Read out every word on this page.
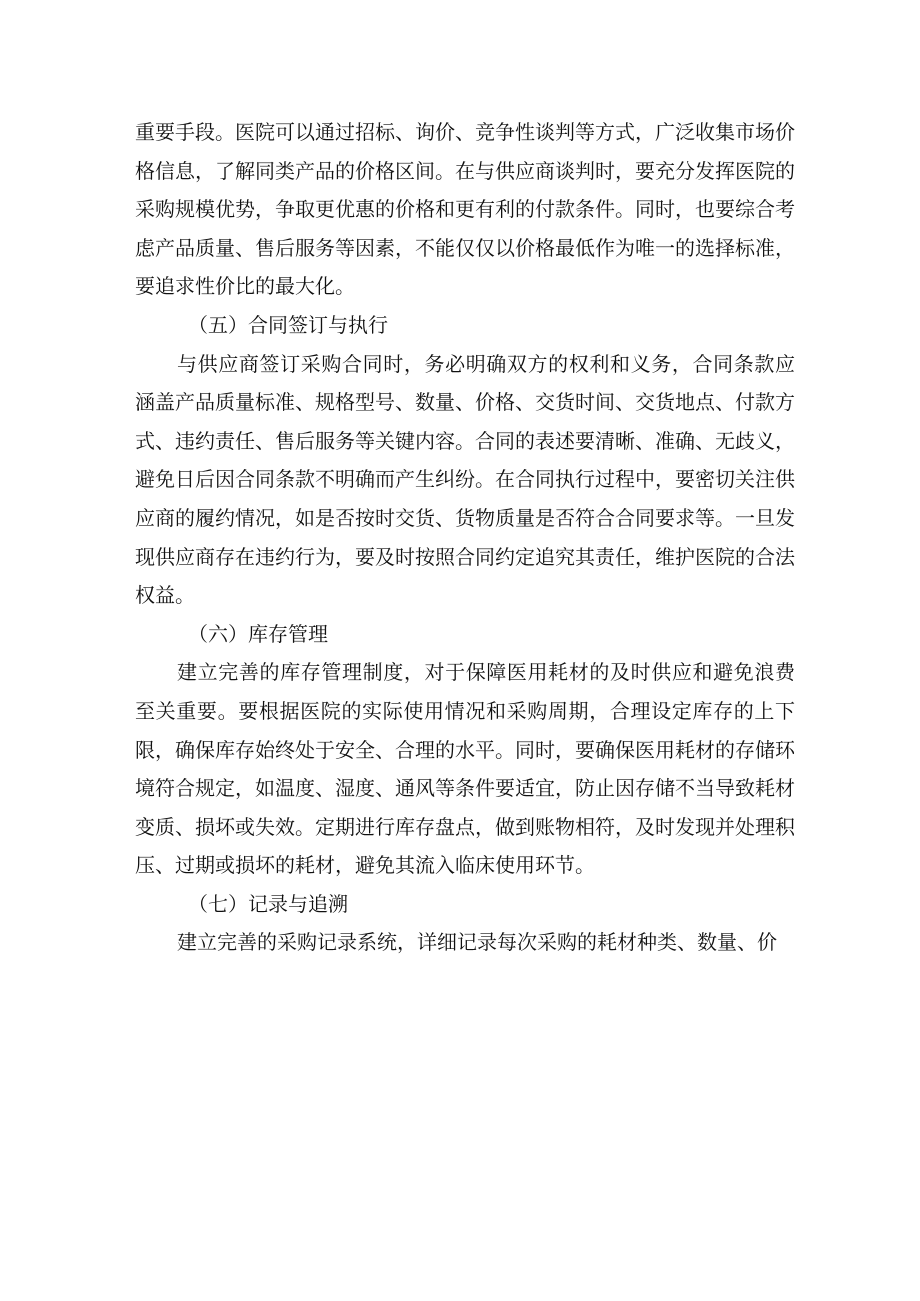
重要手段。医院可以通过招标、询价、竞争性谈判等方式，广泛收集市场价格信息，了解同类产品的价格区间。在与供应商谈判时，要充分发挥医院的采购规模优势，争取更优惠的价格和更有利的付款条件。同时，也要综合考虑产品质量、售后服务等因素，不能仅仅以价格最低作为唯一的选择标准，要追求性价比的最大化。

（五）合同签订与执行

与供应商签订采购合同时，务必明确双方的权利和义务，合同条款应涵盖产品质量标准、规格型号、数量、价格、交货时间、交货地点、付款方式、违约责任、售后服务等关键内容。合同的表述要清晰、准确、无歧义，避免日后因合同条款不明确而产生纠纷。在合同执行过程中，要密切关注供应商的履约情况，如是否按时交货、货物质量是否符合合同要求等。一旦发现供应商存在违约行为，要及时按照合同约定追究其责任，维护医院的合法权益。

（六）库存管理

建立完善的库存管理制度，对于保障医用耗材的及时供应和避免浪费至关重要。要根据医院的实际使用情况和采购周期，合理设定库存的上下限，确保库存始终处于安全、合理的水平。同时，要确保医用耗材的存储环境符合规定，如温度、湿度、通风等条件要适宜，防止因存储不当导致耗材变质、损坏或失效。定期进行库存盘点，做到账物相符，及时发现并处理积压、过期或损坏的耗材，避免其流入临床使用环节。

（七）记录与追溯

建立完善的采购记录系统，详细记录每次采购的耗材种类、数量、价
